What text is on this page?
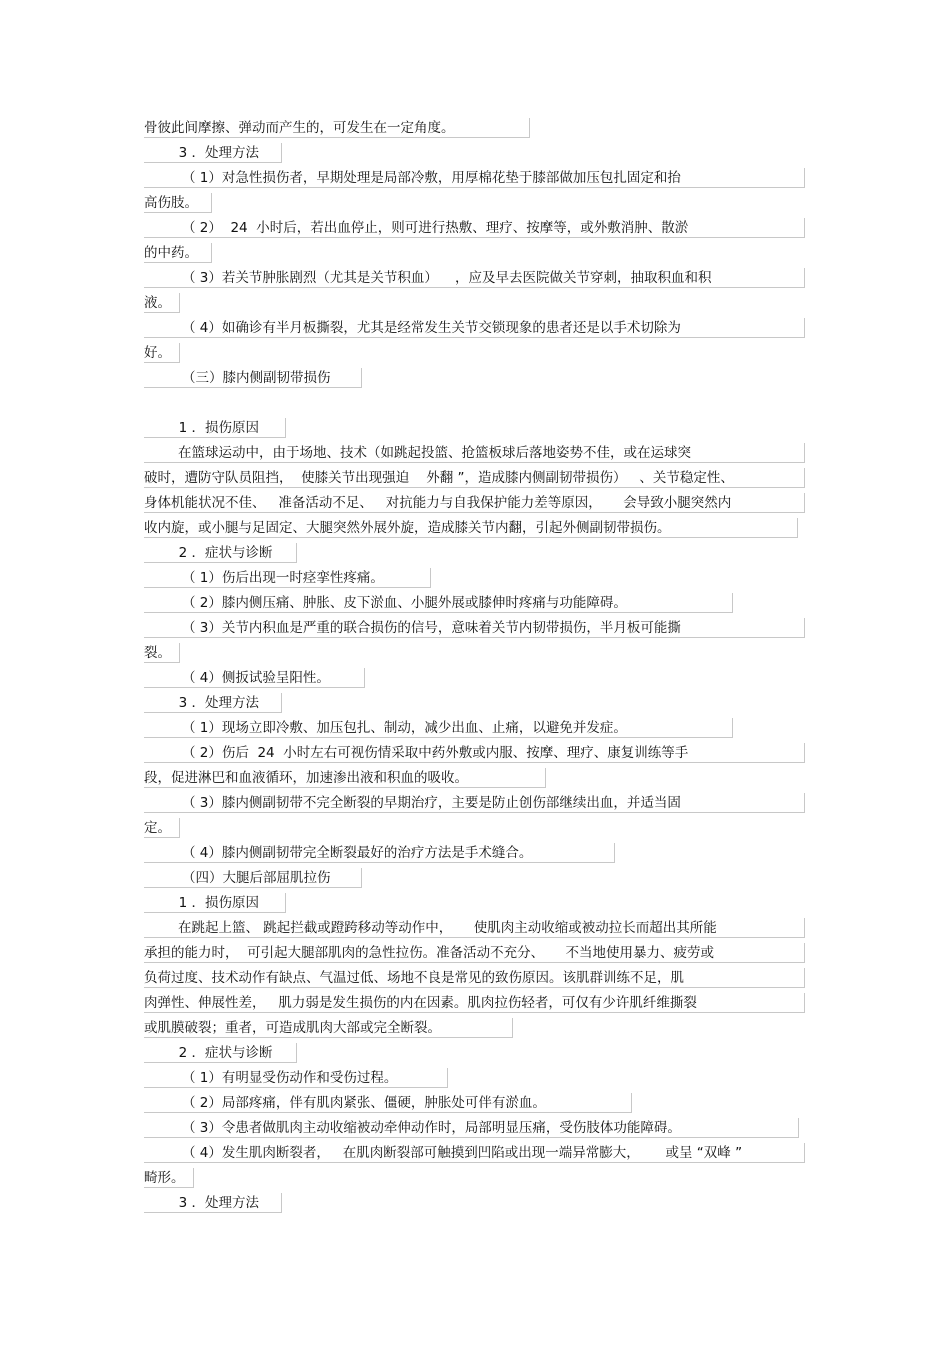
骨彼此间摩擦、弹动而产生的，可发生在一定角度。
3 ．处理方法
（ 1）对急性损伤者，早期处理是局部冷敷，用厚棉花垫于膝部做加压包扎固定和抬
高伤肢。
（ 2）  24  小时后，若出血停止，则可进行热敷、理疗、按摩等，或外敷消肿、散淤
的中药。
（ 3）若关节肿胀剧烈（尤其是关节积血）    ，应及早去医院做关节穿刺，抽取积血和积
液。
（ 4）如确诊有半月板撕裂，尤其是经常发生关节交锁现象的患者还是以手术切除为
好。
（三）膝内侧副韧带损伤
1 ．损伤原因
在篮球运动中，由于场地、技术（如跳起投篮、抢篮板球后落地姿势不佳，或在运球突
破时，遭防守队员阻挡，  使膝关节出现强迫    外翻 ”，造成膝内侧副韧带损伤）   、关节稳定性、
身体机能状况不佳、   准备活动不足、   对抗能力与自我保护能力差等原因，     会导致小腿突然内
收内旋，或小腿与足固定、大腿突然外展外旋，造成膝关节内翻，引起外侧副韧带损伤。
2 ．症状与诊断
（ 1）伤后出现一时痉挛性疼痛。
（ 2）膝内侧压痛、肿胀、皮下淤血、小腿外展或膝伸时疼痛与功能障碍。
（ 3）关节内积血是严重的联合损伤的信号，意味着关节内韧带损伤，半月板可能撕
裂。
（ 4）侧扳试验呈阳性。
3 ．处理方法
（ 1）现场立即冷敷、加压包扎、制动，减少出血、止痛，以避免并发症。
（ 2）伤后  24  小时左右可视伤情采取中药外敷或内服、按摩、理疗、康复训练等手
段，促进淋巴和血液循环，加速渗出液和积血的吸收。
（ 3）膝内侧副韧带不完全断裂的早期治疗，主要是防止创伤部继续出血，并适当固
定。
（ 4）膝内侧副韧带完全断裂最好的治疗方法是手术缝合。
（四）大腿后部屈肌拉伤
1 ．损伤原因
在跳起上篮、 跳起拦截或蹬跨移动等动作中，     使肌肉主动收缩或被动拉长而超出其所能
承担的能力时，  可引起大腿部肌肉的急性拉伤。准备活动不充分、     不当地使用暴力、疲劳或
负荷过度、技术动作有缺点、气温过低、场地不良是常见的致伤原因。该肌群训练不足，肌
肉弹性、伸展性差，   肌力弱是发生损伤的内在因素。肌肉拉伤轻者，可仅有少许肌纤维撕裂
或肌膜破裂；重者，可造成肌肉大部或完全断裂。
2 ．症状与诊断
（ 1）有明显受伤动作和受伤过程。
（ 2）局部疼痛，伴有肌肉紧张、僵硬，肿胀处可伴有淤血。
（ 3）令患者做肌肉主动收缩被动牵伸动作时，局部明显压痛，受伤肢体功能障碍。
（ 4）发生肌肉断裂者，   在肌肉断裂部可触摸到凹陷或出现一端异常膨大，      或呈 “双峰 ”
畸形。
3 ．处理方法
